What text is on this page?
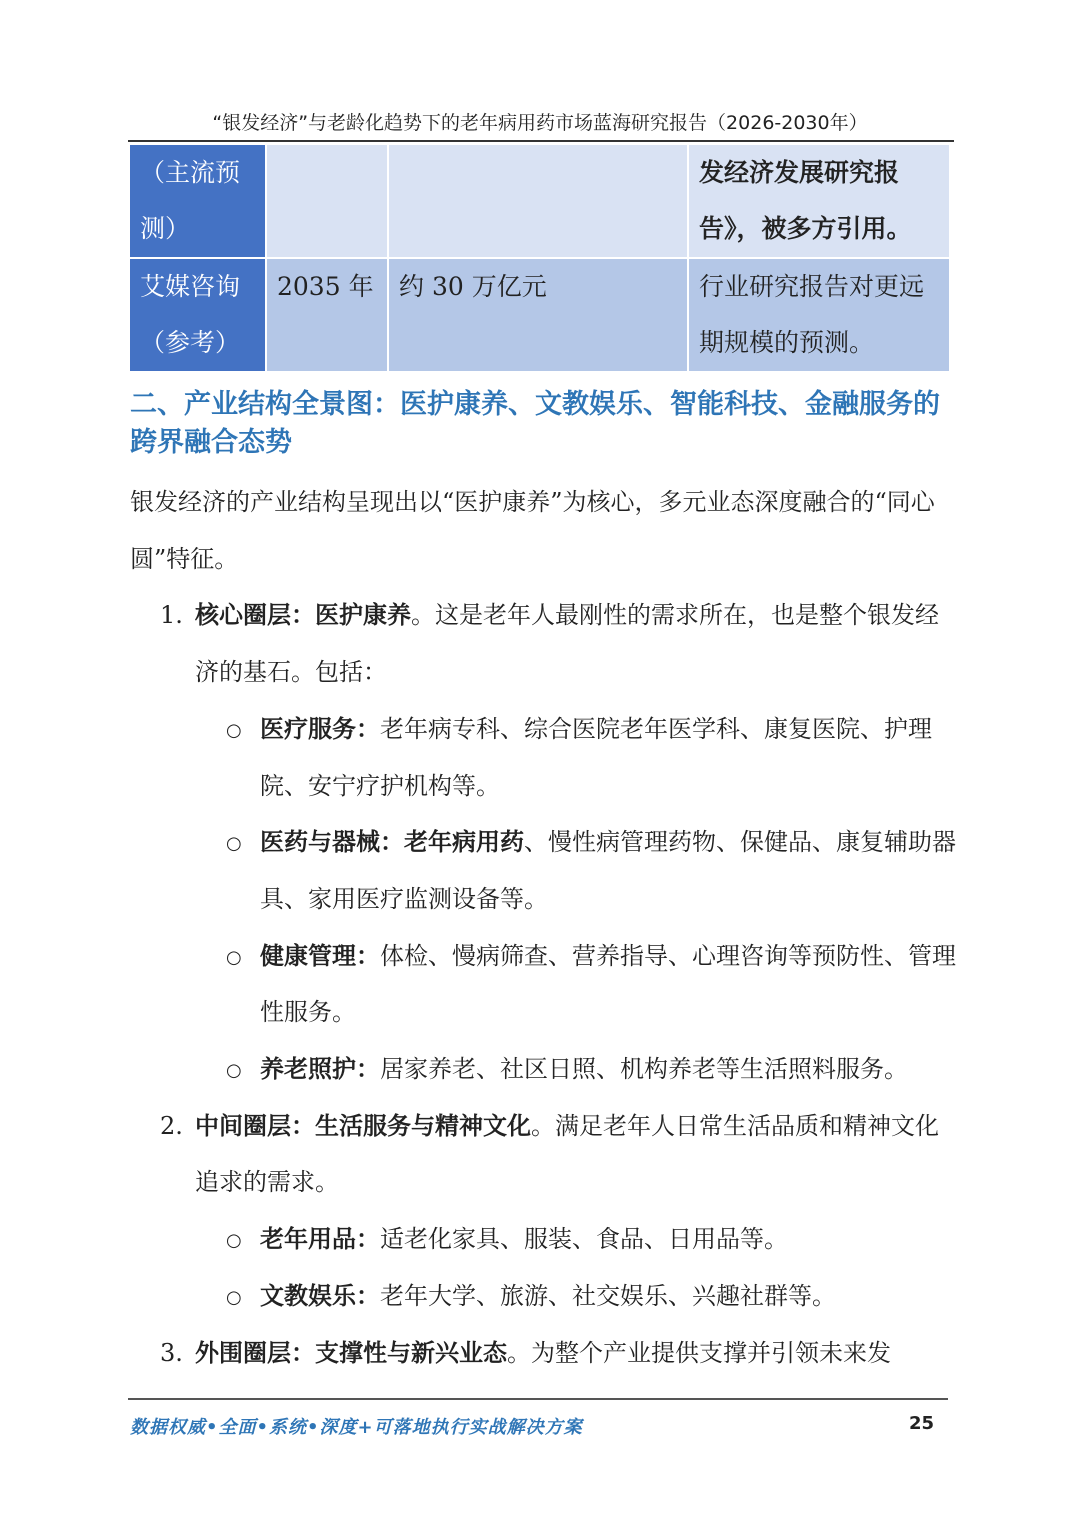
“银发经济”与老龄化趋势下的老年病用药市场蓝海研究报告（2026-2030年）
（主流预测）			发经济发展研究报告》，被多方引用。
艾媒咨询（参考）	2035 年	约 30 万亿元	行业研究报告对更远期规模的预测。
二、产业结构全景图：医护康养、文教娱乐、智能科技、金融服务的跨界融合态势

银发经济的产业结构呈现出以“医护康养”为核心，多元业态深度融合的“同心圆”特征。

1. 核心圈层：医护康养。这是老年人最刚性的需求所在，也是整个银发经济的基石。包括：

○ 医疗服务：老年病专科、综合医院老年医学科、康复医院、护理院、安宁疗护机构等。

○ 医药与器械：老年病用药、慢性病管理药物、保健品、康复辅助器具、家用医疗监测设备等。

○ 健康管理：体检、慢病筛查、营养指导、心理咨询等预防性、管理性服务。

○ 养老照护：居家养老、社区日照、机构养老等生活照料服务。

2. 中间圈层：生活服务与精神文化。满足老年人日常生活品质和精神文化追求的需求。

○ 老年用品：适老化家具、服装、食品、日用品等。

○ 文教娱乐：老年大学、旅游、社交娱乐、兴趣社群等。

3. 外围圈层：支撑性与新兴业态。为整个产业提供支撑并引领未来发

数据权威•全面•系统•深度+可落地执行实战解决方案	25
